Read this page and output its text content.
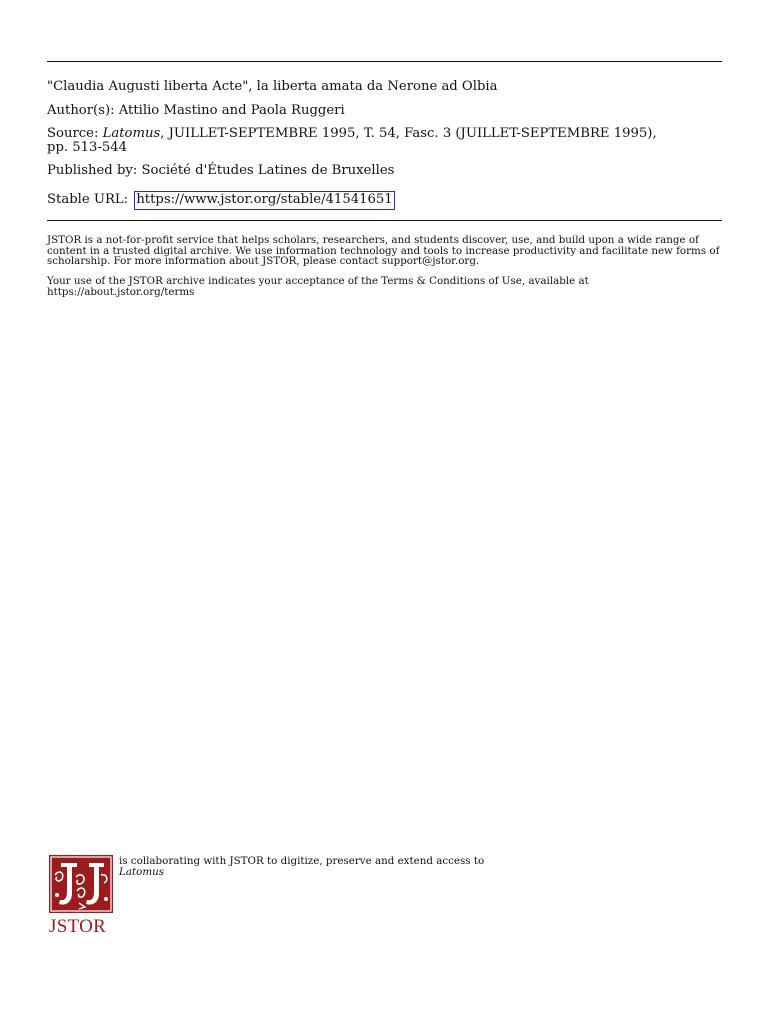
"Claudia Augusti liberta Acte", la liberta amata da Nerone ad Olbia
Author(s): Attilio Mastino and Paola Ruggeri
Source: Latomus, JUILLET-SEPTEMBRE 1995, T. 54, Fasc. 3 (JUILLET-SEPTEMBRE 1995),
pp. 513-544
Published by: Société d'Études Latines de Bruxelles
Stable URL: https://www.jstor.org/stable/41541651
JSTOR is a not-for-profit service that helps scholars, researchers, and students discover, use, and build upon a wide range of content in a trusted digital archive. We use information technology and tools to increase productivity and facilitate new forms of scholarship. For more information about JSTOR, please contact support@jstor.org.
Your use of the JSTOR archive indicates your acceptance of the Terms & Conditions of Use, available at https://about.jstor.org/terms
JSTOR
is collaborating with JSTOR to digitize, preserve and extend access to
Latomus
